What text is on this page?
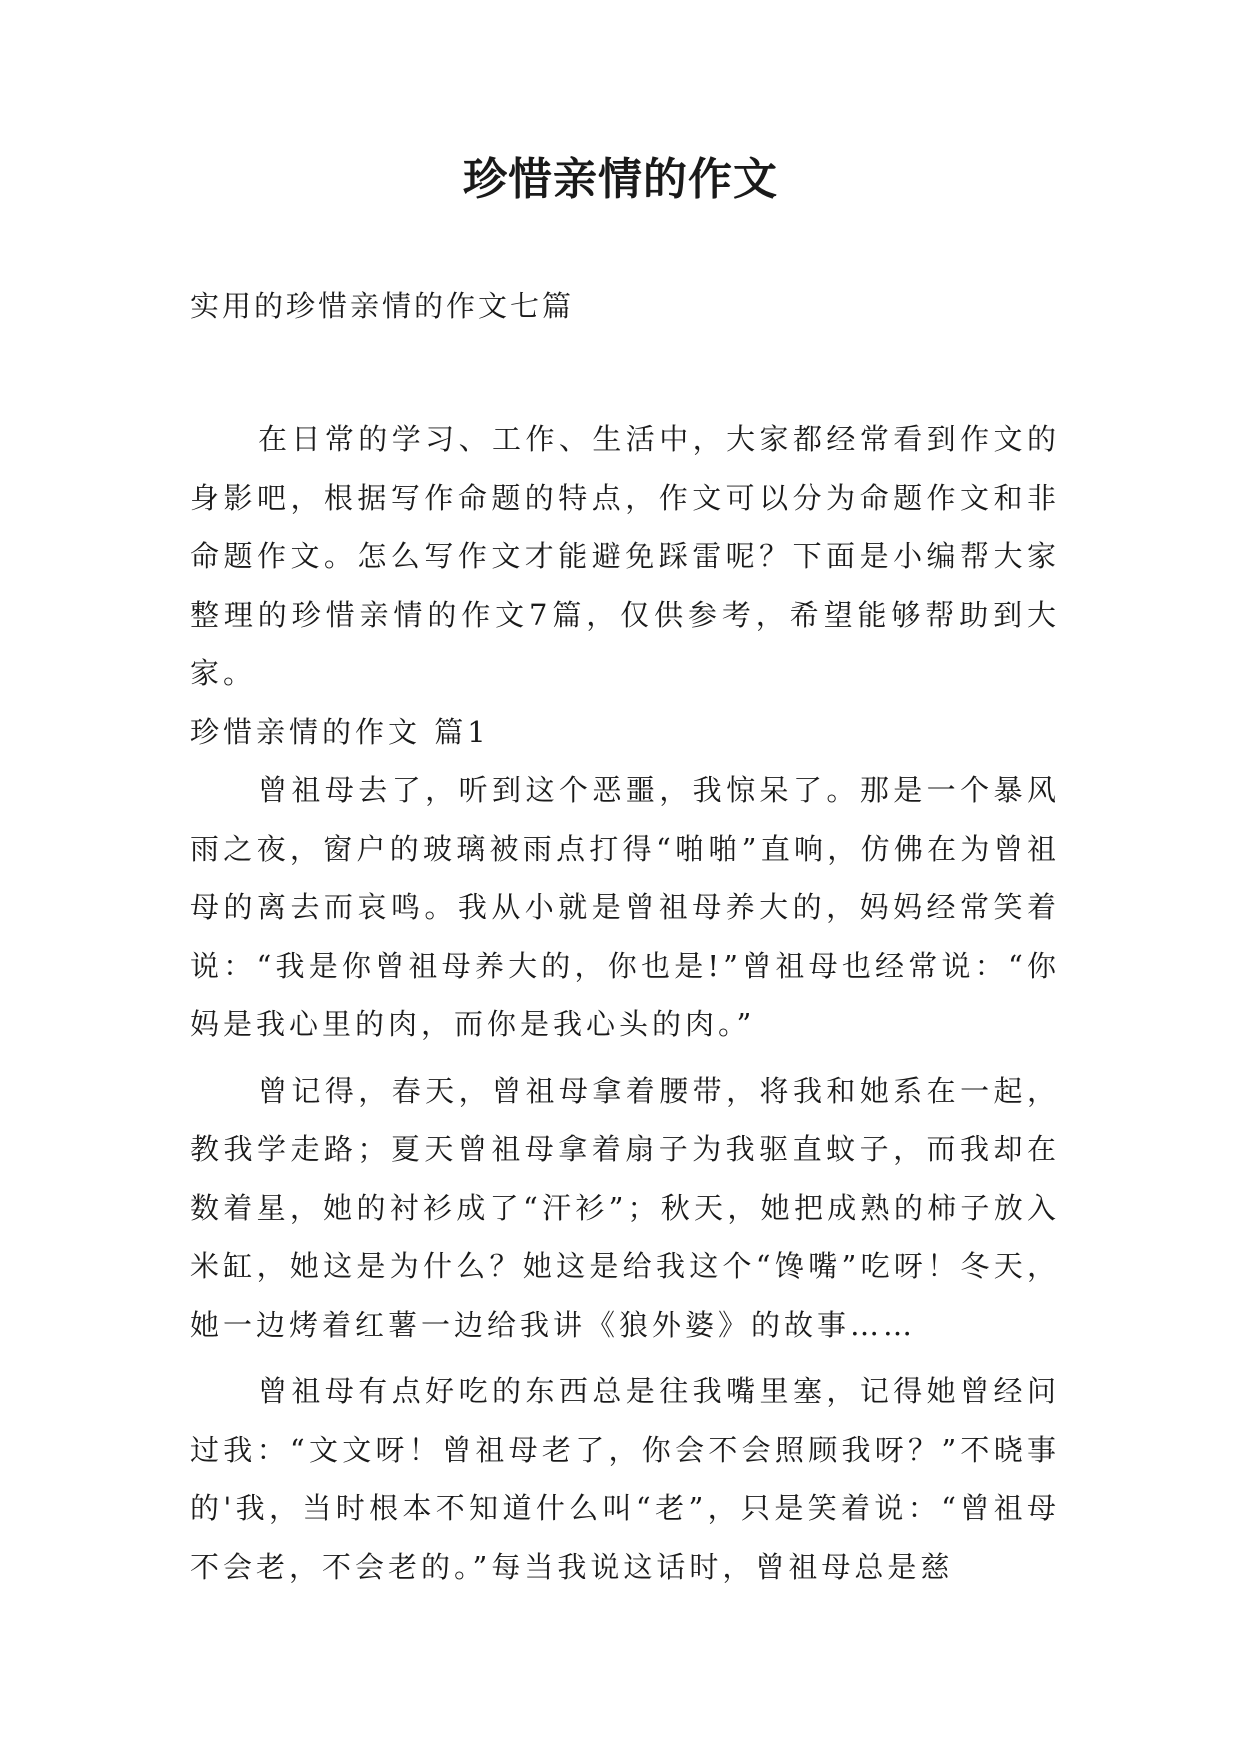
珍惜亲情的作文

实用的珍惜亲情的作文七篇

在日常的学习、工作、生活中，大家都经常看到作文的身影吧，根据写作命题的特点，作文可以分为命题作文和非命题作文。怎么写作文才能避免踩雷呢？下面是小编帮大家整理的珍惜亲情的作文7篇，仅供参考，希望能够帮助到大家。

珍惜亲情的作文 篇1

曾祖母去了，听到这个恶噩，我惊呆了。那是一个暴风雨之夜，窗户的玻璃被雨点打得“啪啪”直响，仿佛在为曾祖母的离去而哀鸣。我从小就是曾祖母养大的，妈妈经常笑着说：“我是你曾祖母养大的，你也是!”曾祖母也经常说：“你妈是我心里的肉，而你是我心头的肉。”

曾记得，春天，曾祖母拿着腰带，将我和她系在一起，教我学走路；夏天曾祖母拿着扇子为我驱直蚊子，而我却在数着星，她的衬衫成了“汗衫”；秋天，她把成熟的柿子放入米缸，她这是为什么？她这是给我这个“馋嘴”吃呀！冬天，她一边烤着红薯一边给我讲《狼外婆》的故事……

曾祖母有点好吃的东西总是往我嘴里塞，记得她曾经问过我：“文文呀！曾祖母老了，你会不会照顾我呀？”不晓事的'我，当时根本不知道什么叫“老”，只是笑着说：“曾祖母不会老，不会老的。”每当我说这话时，曾祖母总是慈
